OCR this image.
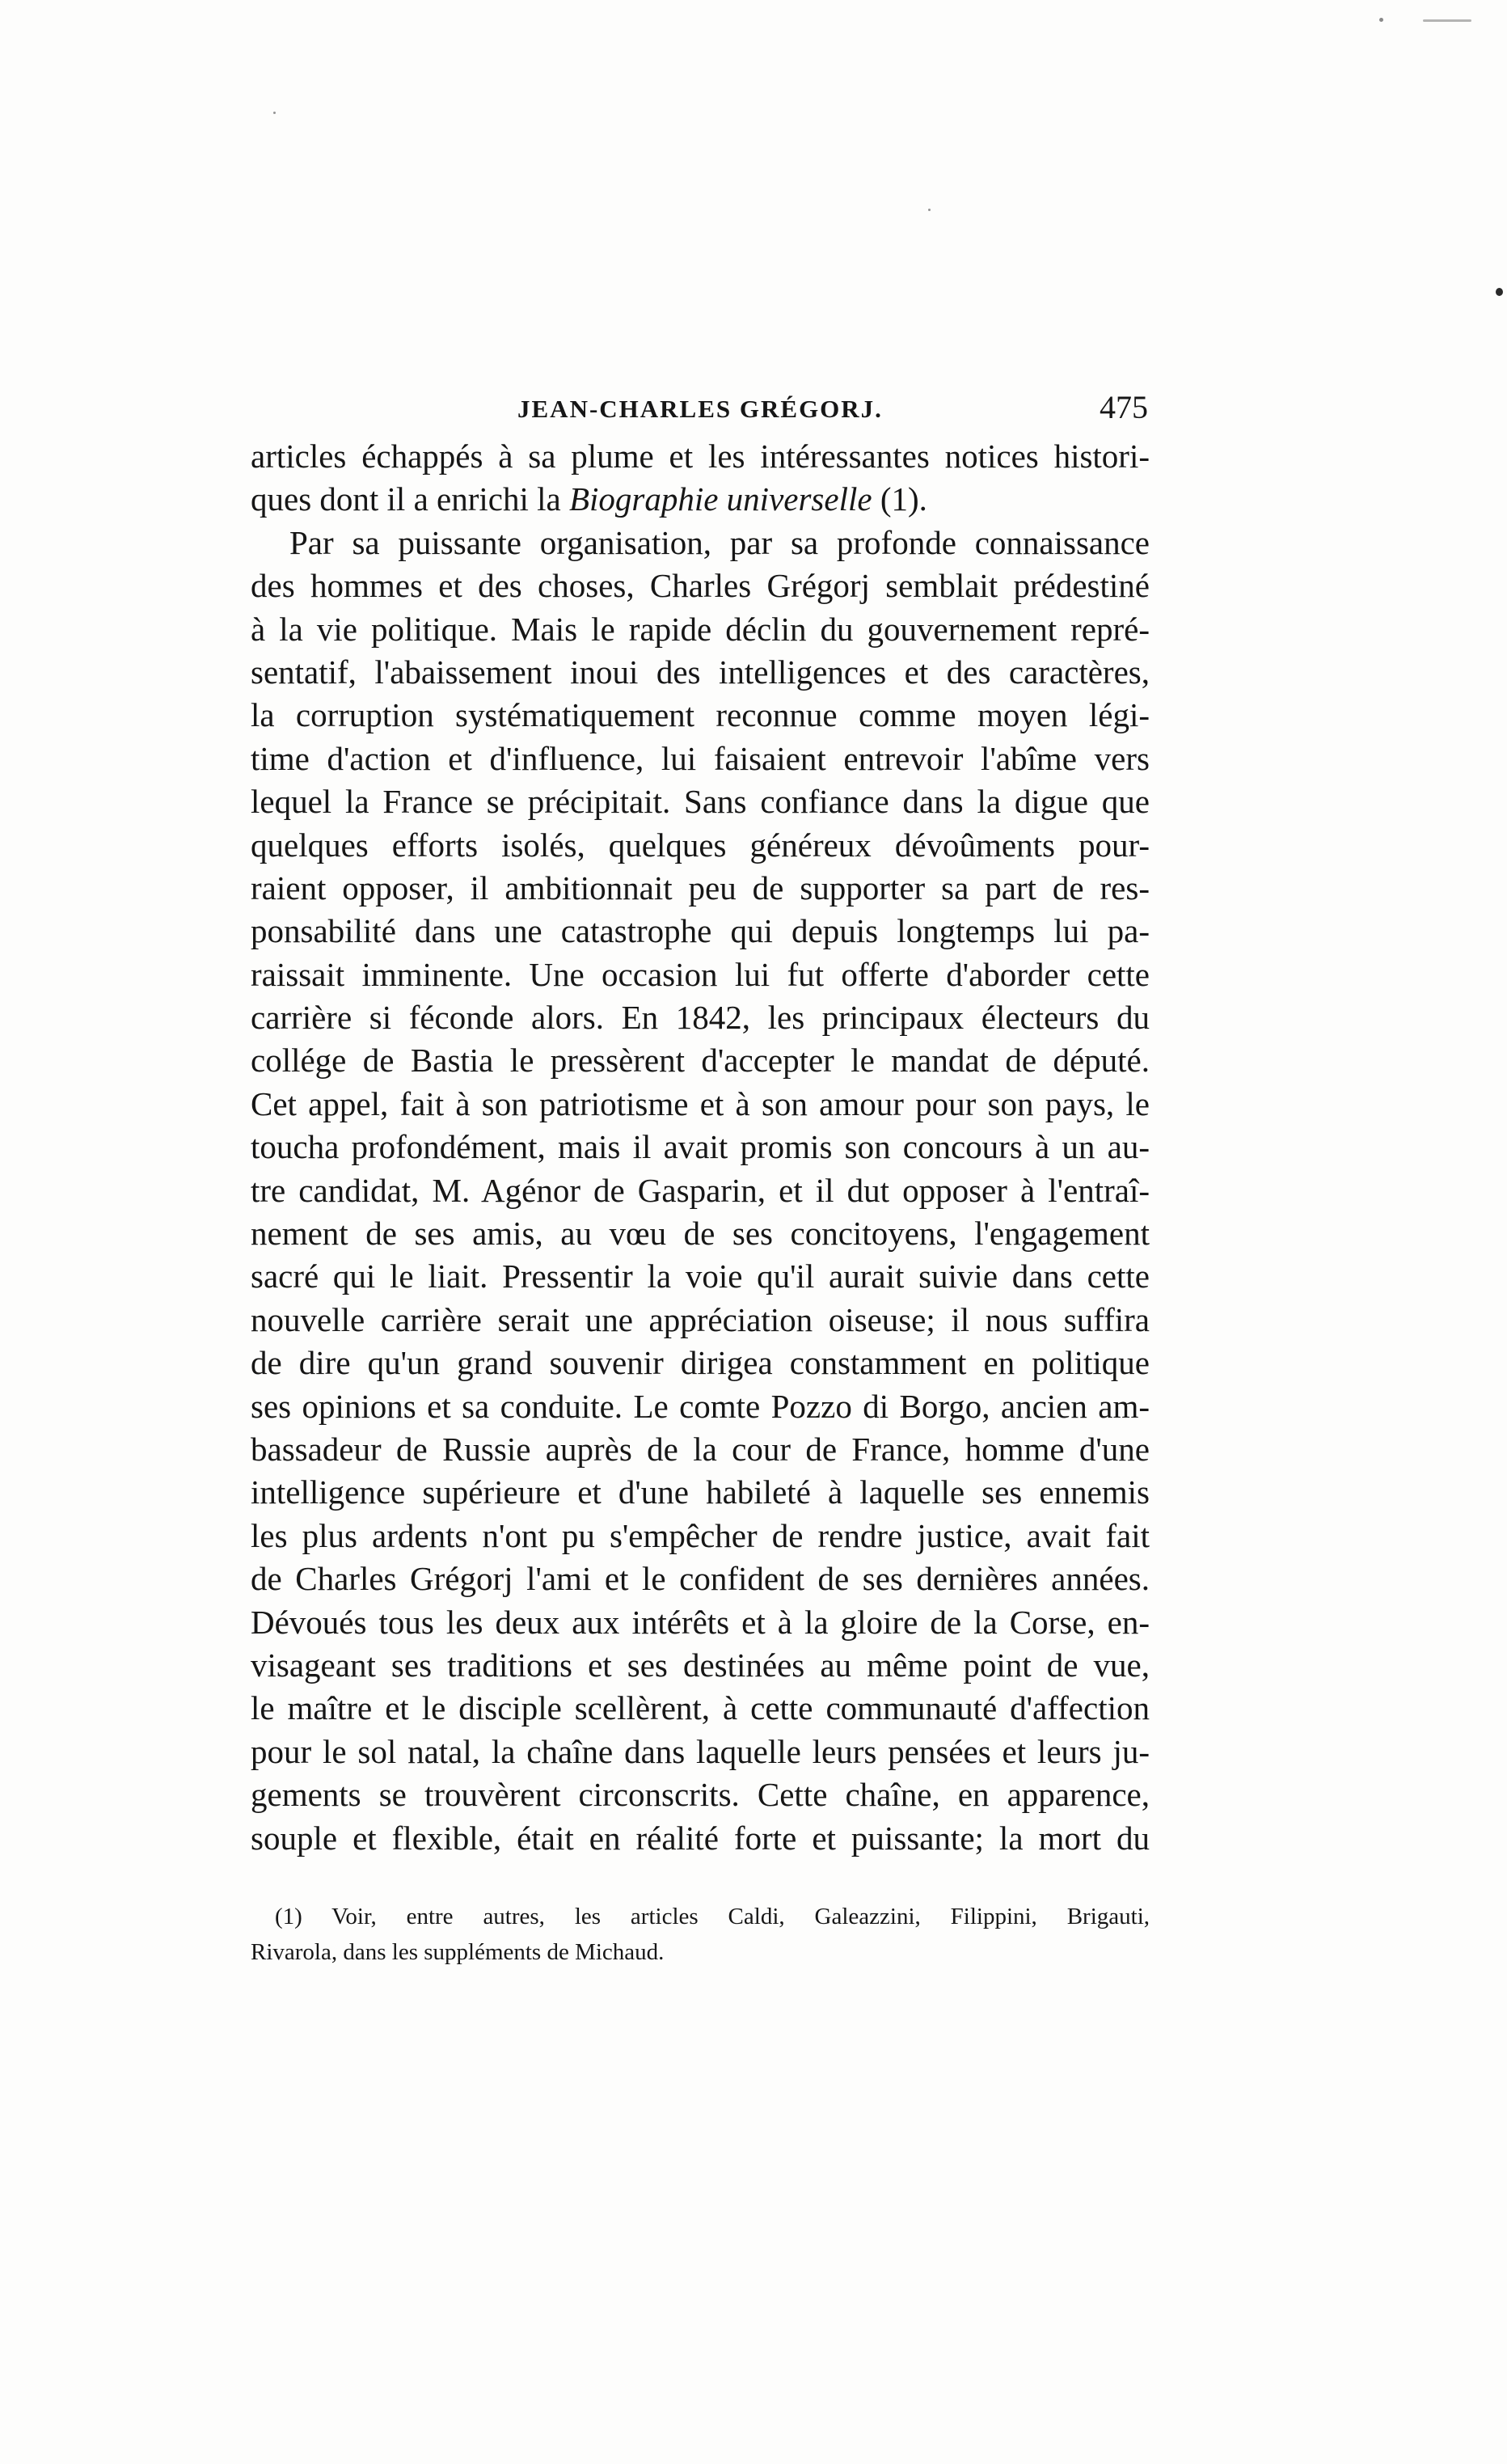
JEAN-CHARLES GRÉGORJ.	475
articles échappés à sa plume et les intéressantes notices histori-
ques dont il a enrichi la Biographie universelle (1).
Par sa puissante organisation, par sa profonde connaissance
des hommes et des choses, Charles Grégorj semblait prédestiné
à la vie politique. Mais le rapide déclin du gouvernement repré-
sentatif, l'abaissement inoui des intelligences et des caractères,
la corruption systématiquement reconnue comme moyen légi-
time d'action et d'influence, lui faisaient entrevoir l'abîme vers
lequel la France se précipitait. Sans confiance dans la digue que
quelques efforts isolés, quelques généreux dévoûments pour-
raient opposer, il ambitionnait peu de supporter sa part de res-
ponsabilité dans une catastrophe qui depuis longtemps lui pa-
raissait imminente. Une occasion lui fut offerte d'aborder cette
carrière si féconde alors. En 1842, les principaux électeurs du
collége de Bastia le pressèrent d'accepter le mandat de député.
Cet appel, fait à son patriotisme et à son amour pour son pays, le
toucha profondément, mais il avait promis son concours à un au-
tre candidat, M. Agénor de Gasparin, et il dut opposer à l'entraî-
nement de ses amis, au vœu de ses concitoyens, l'engagement
sacré qui le liait. Pressentir la voie qu'il aurait suivie dans cette
nouvelle carrière serait une appréciation oiseuse; il nous suffira
de dire qu'un grand souvenir dirigea constamment en politique
ses opinions et sa conduite. Le comte Pozzo di Borgo, ancien am-
bassadeur de Russie auprès de la cour de France, homme d'une
intelligence supérieure et d'une habileté à laquelle ses ennemis
les plus ardents n'ont pu s'empêcher de rendre justice, avait fait
de Charles Grégorj l'ami et le confident de ses dernières années.
Dévoués tous les deux aux intérêts et à la gloire de la Corse, en-
visageant ses traditions et ses destinées au même point de vue,
le maître et le disciple scellèrent, à cette communauté d'affection
pour le sol natal, la chaîne dans laquelle leurs pensées et leurs ju-
gements se trouvèrent circonscrits. Cette chaîne, en apparence,
souple et flexible, était en réalité forte et puissante; la mort du
(1) Voir, entre autres, les articles Caldi, Galeazzini, Filippini, Brigauti,
Rivarola, dans les suppléments de Michaud.
